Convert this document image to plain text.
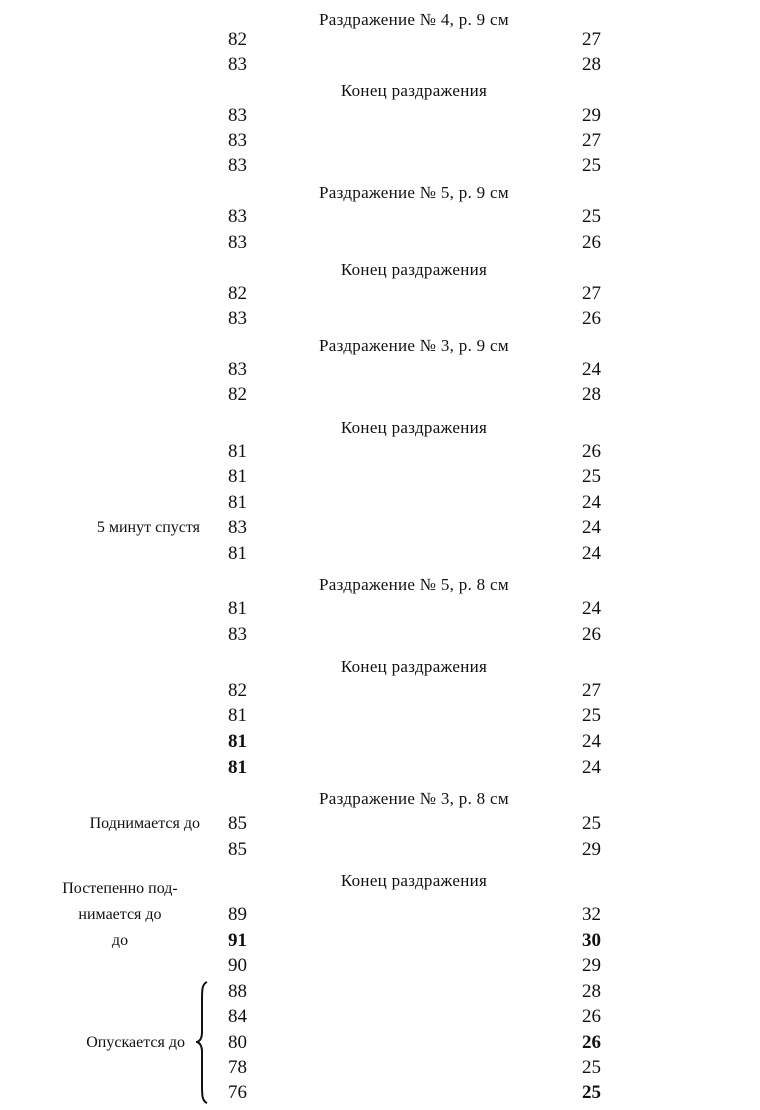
Раздражение № 4, р. 9 см
Конец раздражения
Раздражение № 5, р. 9 см
Конец раздражения
Раздражение № 3, р. 9 см
Конец раздражения
Раздражение № 5, р. 8 см
Конец раздражения
Раздражение № 3, р. 8 см
Конец раздражения
82	27
83	28
83	29
83	27
83	25
83	25
83	26
82	27
83	26
83	24
82	28
81	26
81	25
81	24
5 минут спустя 83	24
81	24
81	24
83	26
82	27
81	25
81	24
81	24
Поднимается до 85	25
85	29
Постепенно под-
нимается до
до
89	32
91	30
90	29
88	28
84	26
Опускается до 80	26
78	25
76	25
